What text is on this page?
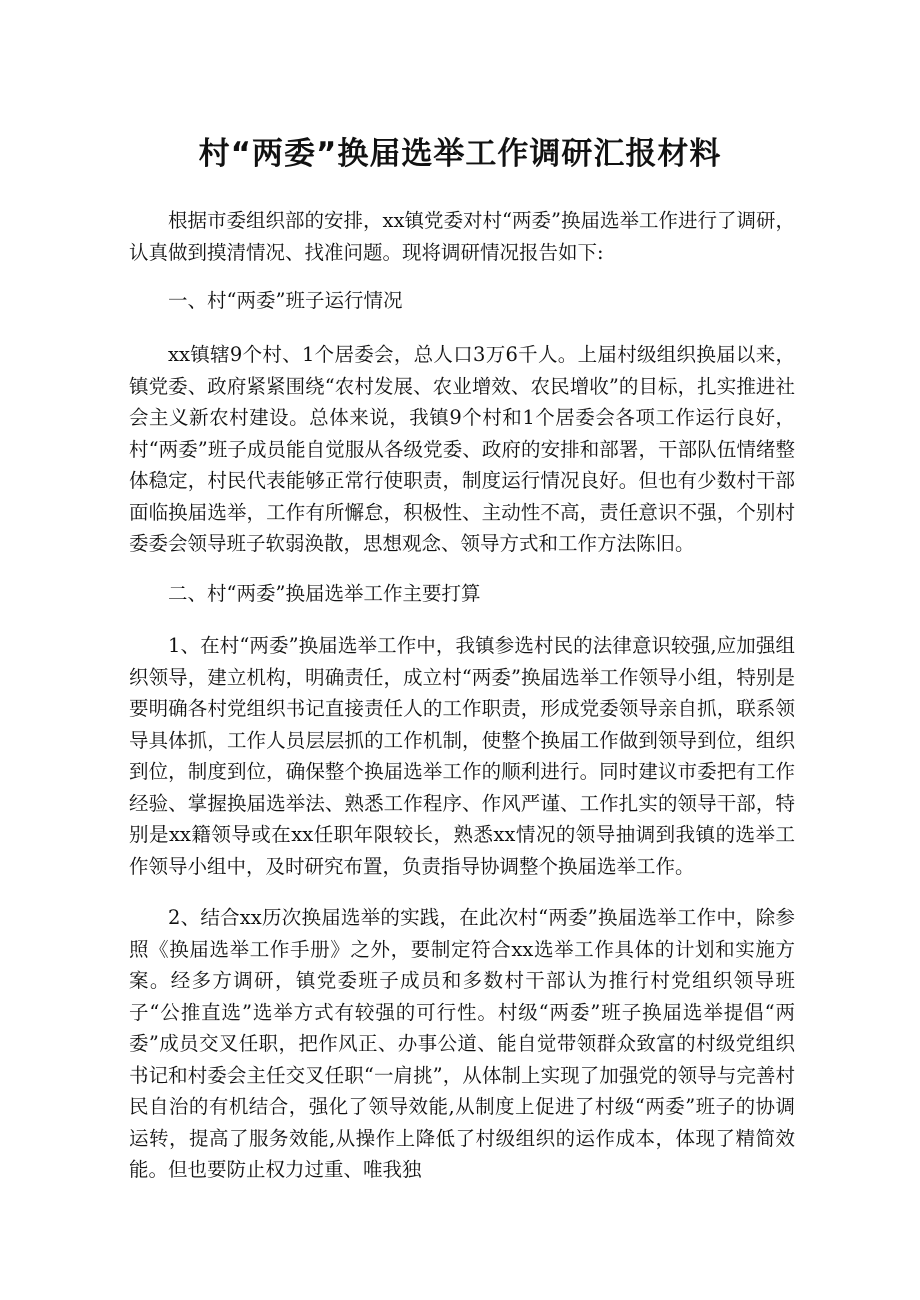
村“两委”换届选举工作调研汇报材料

根据市委组织部的安排，xx镇党委对村“两委”换届选举工作进行了调研，认真做到摸清情况、找准问题。现将调研情况报告如下:

一、村“两委”班子运行情况

xx镇辖9个村、1个居委会，总人口3万6千人。上届村级组织换届以来，镇党委、政府紧紧围绕“农村发展、农业增效、农民增收”的目标，扎实推进社会主义新农村建设。总体来说，我镇9个村和1个居委会各项工作运行良好，村“两委”班子成员能自觉服从各级党委、政府的安排和部署，干部队伍情绪整体稳定，村民代表能够正常行使职责，制度运行情况良好。但也有少数村干部面临换届选举，工作有所懈怠，积极性、主动性不高，责任意识不强，个别村委委会领导班子软弱涣散，思想观念、领导方式和工作方法陈旧。

二、村“两委”换届选举工作主要打算

1、在村“两委”换届选举工作中，我镇参选村民的法律意识较强,应加强组织领导，建立机构，明确责任，成立村“两委”换届选举工作领导小组，特别是要明确各村党组织书记直接责任人的工作职责，形成党委领导亲自抓，联系领导具体抓，工作人员层层抓的工作机制，使整个换届工作做到领导到位，组织到位，制度到位，确保整个换届选举工作的顺利进行。同时建议市委把有工作经验、掌握换届选举法、熟悉工作程序、作风严谨、工作扎实的领导干部，特别是xx籍领导或在xx任职年限较长，熟悉xx情况的领导抽调到我镇的选举工作领导小组中，及时研究布置，负责指导协调整个换届选举工作。

2、结合xx历次换届选举的实践，在此次村“两委”换届选举工作中，除参照《换届选举工作手册》之外，要制定符合xx选举工作具体的计划和实施方案。经多方调研，镇党委班子成员和多数村干部认为推行村党组织领导班子“公推直选”选举方式有较强的可行性。村级“两委”班子换届选举提倡“两委”成员交叉任职，把作风正、办事公道、能自觉带领群众致富的村级党组织书记和村委会主任交叉任职“一肩挑”，从体制上实现了加强党的领导与完善村民自治的有机结合，强化了领导效能,从制度上促进了村级“两委”班子的协调运转，提高了服务效能,从操作上降低了村级组织的运作成本，体现了精简效能。但也要防止权力过重、唯我独
